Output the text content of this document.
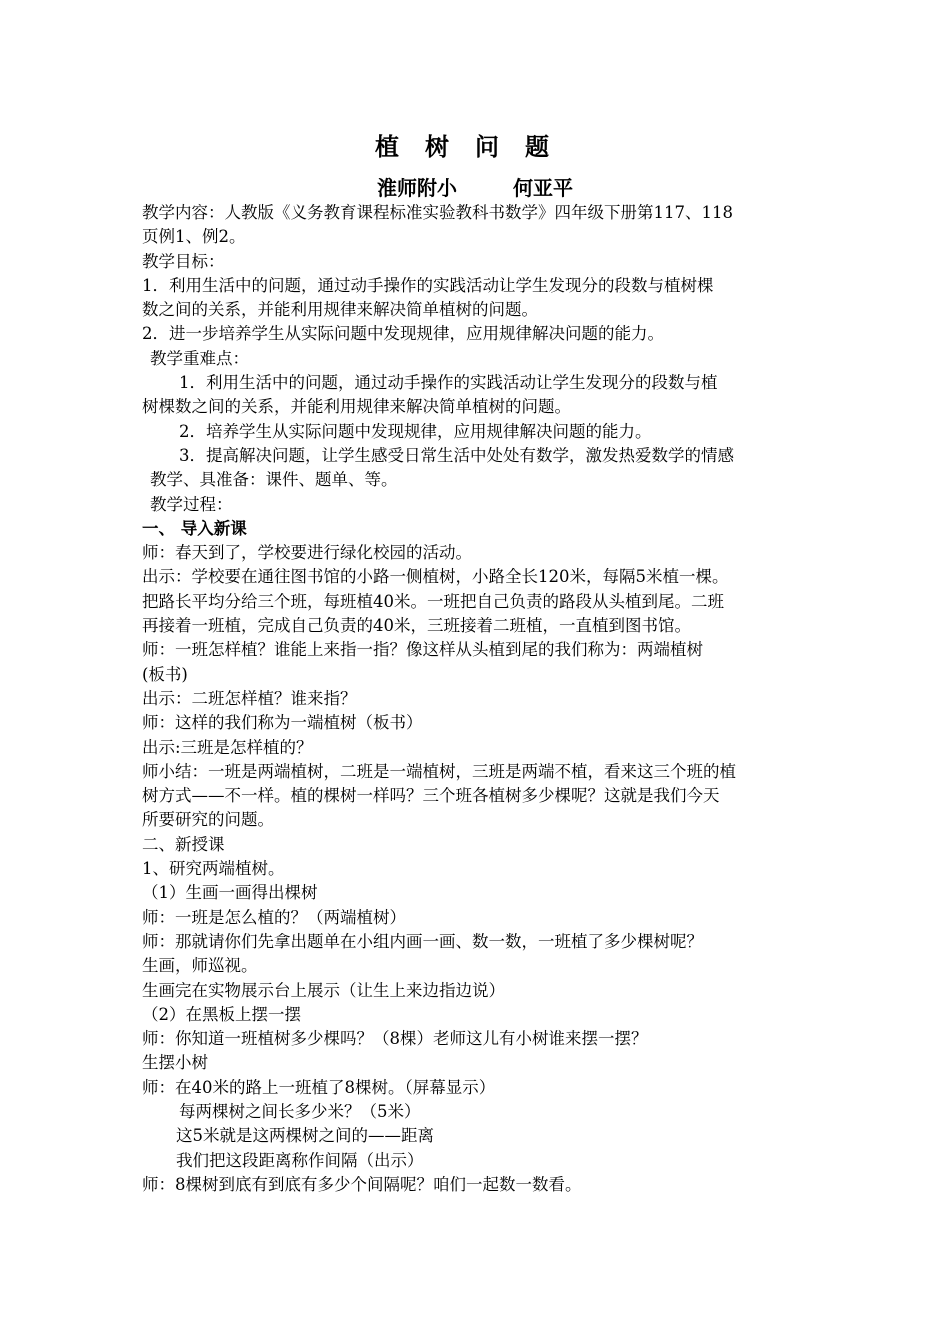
植树问题
淮师附小	何亚平
教学内容：人教版《义务教育课程标准实验教科书数学》四年级下册第117、118
页例1、例2。
教学目标：
1．利用生活中的问题，通过动手操作的实践活动让学生发现分的段数与植树棵
数之间的关系，并能利用规律来解决简单植树的问题。
2．进一步培养学生从实际问题中发现规律，应用规律解决问题的能力。
教学重难点：
1．利用生活中的问题，通过动手操作的实践活动让学生发现分的段数与植
树棵数之间的关系，并能利用规律来解决简单植树的问题。
2．培养学生从实际问题中发现规律，应用规律解决问题的能力。
3．提高解决问题，让学生感受日常生活中处处有数学，激发热爱数学的情感
教学、具准备：课件、题单、等。
教学过程：
一、 导入新课
师：春天到了，学校要进行绿化校园的活动。
出示：学校要在通往图书馆的小路一侧植树，小路全长120米，每隔5米植一棵。
把路长平均分给三个班，每班植40米。一班把自己负责的路段从头植到尾。二班
再接着一班植，完成自己负责的40米，三班接着二班植，一直植到图书馆。
师：一班怎样植？谁能上来指一指？像这样从头植到尾的我们称为：两端植树
(板书)
出示：二班怎样植？谁来指？
师：这样的我们称为一端植树（板书）
出示:三班是怎样植的？
师小结：一班是两端植树，二班是一端植树，三班是两端不植，看来这三个班的植
树方式——不一样。植的棵树一样吗？三个班各植树多少棵呢？这就是我们今天
所要研究的问题。
二、新授课
1、研究两端植树。
（1）生画一画得出棵树
师：一班是怎么植的？（两端植树）
师：那就请你们先拿出题单在小组内画一画、数一数，一班植了多少棵树呢？
生画，师巡视。
生画完在实物展示台上展示（让生上来边指边说）
（2）在黑板上摆一摆
师：你知道一班植树多少棵吗？（8棵）老师这儿有小树谁来摆一摆？
生摆小树
师：在40米的路上一班植了8棵树。（屏幕显示）
每两棵树之间长多少米？（5米）
这5米就是这两棵树之间的——距离
我们把这段距离称作间隔（出示）
师：8棵树到底有到底有多少个间隔呢？咱们一起数一数看。
